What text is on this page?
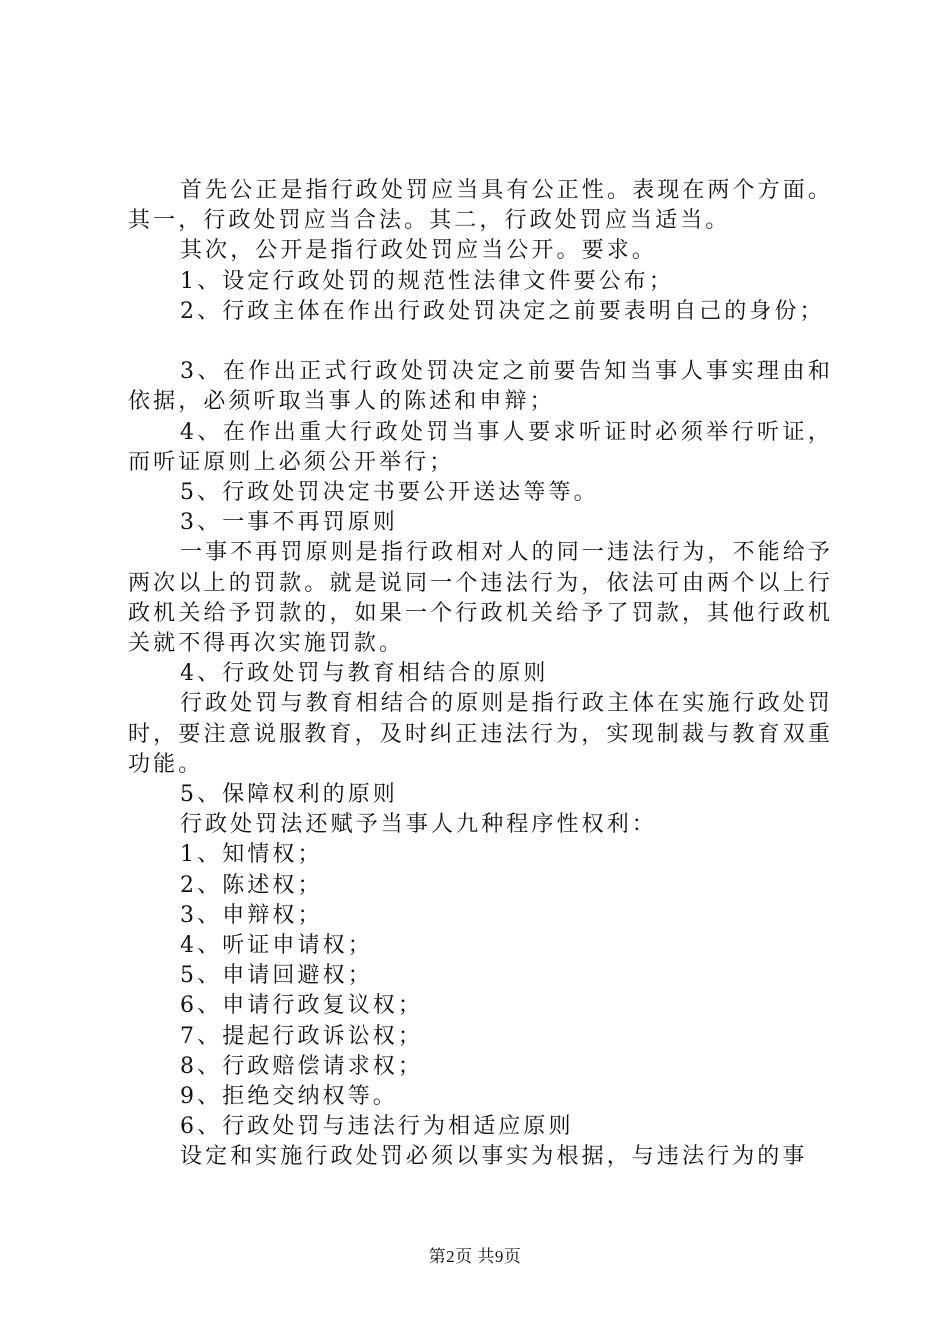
首先公正是指行政处罚应当具有公正性。表现在两个方面。其一，行政处罚应当合法。其二，行政处罚应当适当。

其次，公开是指行政处罚应当公开。要求。

1、设定行政处罚的规范性法律文件要公布；

2、行政主体在作出行政处罚决定之前要表明自己的身份；

3、在作出正式行政处罚决定之前要告知当事人事实理由和依据，必须听取当事人的陈述和申辩；

4、在作出重大行政处罚当事人要求听证时必须举行听证，而听证原则上必须公开举行；

5、行政处罚决定书要公开送达等等。

3、一事不再罚原则

一事不再罚原则是指行政相对人的同一违法行为，不能给予两次以上的罚款。就是说同一个违法行为，依法可由两个以上行政机关给予罚款的，如果一个行政机关给予了罚款，其他行政机关就不得再次实施罚款。

4、行政处罚与教育相结合的原则

行政处罚与教育相结合的原则是指行政主体在实施行政处罚时，要注意说服教育，及时纠正违法行为，实现制裁与教育双重功能。

5、保障权利的原则

行政处罚法还赋予当事人九种程序性权利：

1、知情权；

2、陈述权；

3、申辩权；

4、听证申请权；

5、申请回避权；

6、申请行政复议权；

7、提起行政诉讼权；

8、行政赔偿请求权；

9、拒绝交纳权等。

6、行政处罚与违法行为相适应原则

设定和实施行政处罚必须以事实为根据，与违法行为的事

第2页 共9页
